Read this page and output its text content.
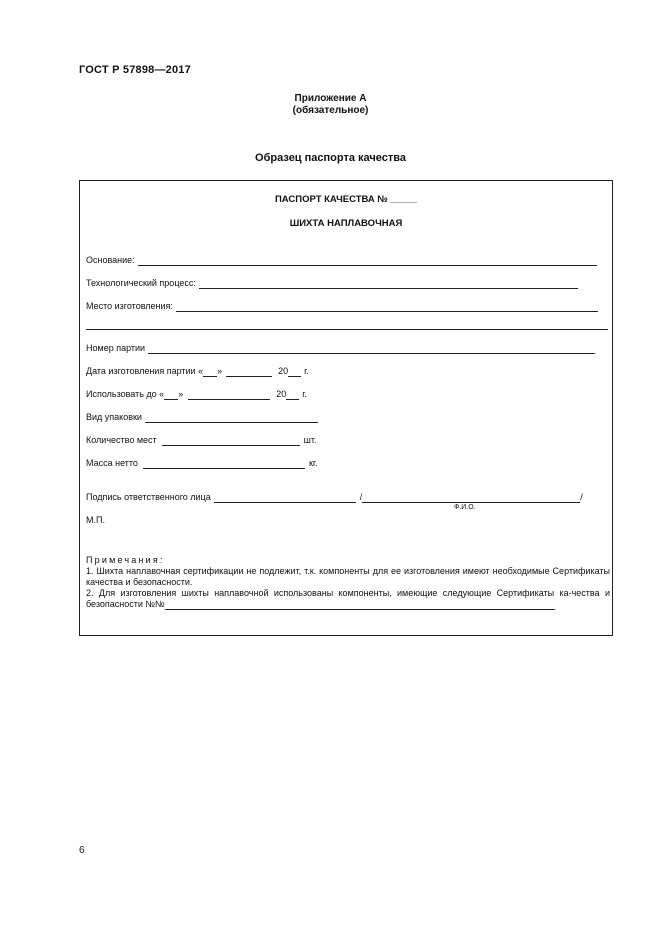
ГОСТ Р 57898—2017
Приложение А
(обязательное)
Образец паспорта качества
ПАСПОРТ КАЧЕСТВА № _____
ШИХТА НАПЛАВОЧНАЯ
Основание:
Технологический процесс:
Место изготовления:
Номер партии
Дата изготовления партии « »	20 г.
Использовать до « »	20 г.
Вид упаковки
Количество мест	шт.
Масса нетто	кг.
Подпись ответственного лица	/	/
Ф.И.О.
М.П.
Примечания:
1. Шихта наплавочная сертификации не подлежит, т.к. компоненты для ее изготовления имеют необходимые Сертификаты качества и безопасности.
2. Для изготовления шихты наплавочной использованы компоненты, имеющие следующие Сертификаты ка-чества и безопасности №№
6
